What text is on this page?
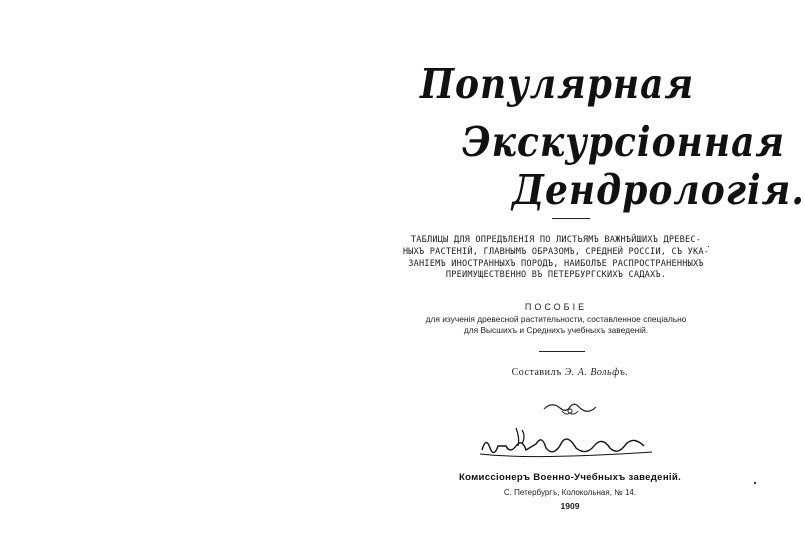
Популярная
Экскурсіонная
Дендрологія.
ТАБЛИЦЫ ДЛЯ ОПРЕДѢЛЕНІЯ ПО ЛИСТЬЯМЪ ВАЖНѢЙШИХЪ ДРЕВЕС-
НЫХЪ РАСТЕНІЙ, ГЛАВНЫМЪ ОБРАЗОМЪ, СРЕДНЕЙ РОССІИ, СЪ УКА-
ЗАНІЕМЪ ИНОСТРАННЫХЪ ПОРОДЪ, НАИБОЛѢЕ РАСПРОСТРАНЕННЫХЪ
ПРЕИМУЩЕСТВЕННО ВЪ ПЕТЕРБУРГСКИХЪ САДАХЪ.
ПОСОБІЕ
для изученія древесной растительности, составленное спеціально
для Высшихъ и Среднихъ учебныхъ заведеній.
Составилъ Э. А. Вольфъ.
Комиссіонеръ Военно-Учебныхъ заведеній.
С. Петербургъ, Колокольная, № 14.
1909
